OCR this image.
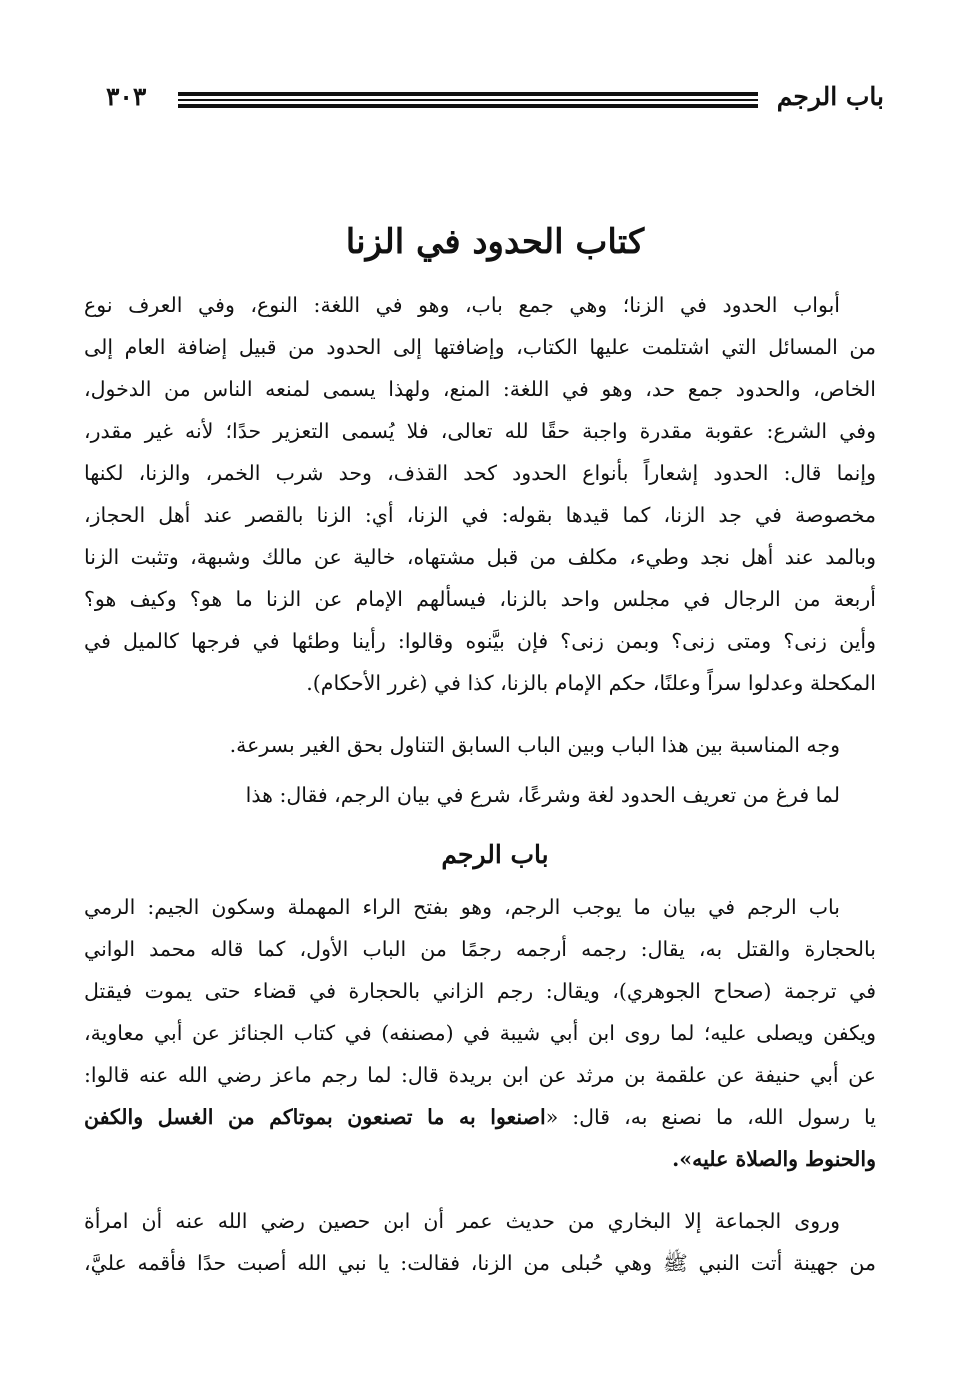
باب الرجم
٣٠٣
كتاب الحدود في الزنا
أبواب الحدود في الزنا؛ وهي جمع باب، وهو في اللغة: النوع، وفي العرف نوع
من المسائل التي اشتلمت عليها الكتاب، وإضافتها إلى الحدود من قبيل إضافة العام إلى
الخاص، والحدود جمع حد، وهو في اللغة: المنع، ولهذا يسمى لمنعه الناس من الدخول،
وفي الشرع: عقوبة مقدرة واجبة حقًا لله تعالى، فلا يُسمى التعزير حدًا؛ لأنه غير مقدر،
وإنما قال: الحدود إشعاراً بأنواع الحدود كحد القذف، وحد شرب الخمر، والزنا، لكنها
مخصوصة في جد الزنا، كما قيدها بقوله: في الزنا، أي: الزنا بالقصر عند أهل الحجاز،
وبالمد عند أهل نجد وطيء، مكلف من قبل مشتهاه، خالية عن مالك وشبهة، وتثبت الزنا
أربعة من الرجال في مجلس واحد بالزنا، فيسألهم الإمام عن الزنا ما هو؟ وكيف هو؟
وأين زنى؟ ومتى زنى؟ وبمن زنى؟ فإن بيَّنوه وقالوا: رأينا وطئها في فرجها كالميل في
المكحلة وعدلوا سراً وعلنًا، حكم الإمام بالزنا، كذا في (غرر الأحكام).
وجه المناسبة بين هذا الباب وبين الباب السابق التناول بحق الغير بسرعة.
لما فرغ من تعريف الحدود لغة وشرعًا، شرع في بيان الرجم، فقال: هذا
باب الرجم
باب الرجم في بيان ما يوجب الرجم، وهو بفتح الراء المهملة وسكون الجيم: الرمي
بالحجارة والقتل به، يقال: رجمه أرجمه رجمًا من الباب الأول، كما قاله محمد الواني
في ترجمة (صحاح الجوهري)، ويقال: رجم الزاني بالحجارة في قضاء حتى يموت فيقتل
ويكفن ويصلى عليه؛ لما روى ابن أبي شيبة في (مصنفه) في كتاب الجنائز عن أبي معاوية،
عن أبي حنيفة عن علقمة بن مرثد عن ابن بريدة قال: لما رجم ماعز رضي الله عنه قالوا:
يا رسول الله، ما نصنع به، قال: «اصنعوا به ما تصنعون بموتاكم من الغسل والكفن
والحنوط والصلاة عليه».
وروى الجماعة إلا البخاري من حديث عمر أن ابن حصين رضي الله عنه أن امرأة
من جهينة أتت النبي ﷺ وهي حُبلى من الزنا، فقالت: يا نبي الله أصبت حدًا فأقمه عليَّ،
